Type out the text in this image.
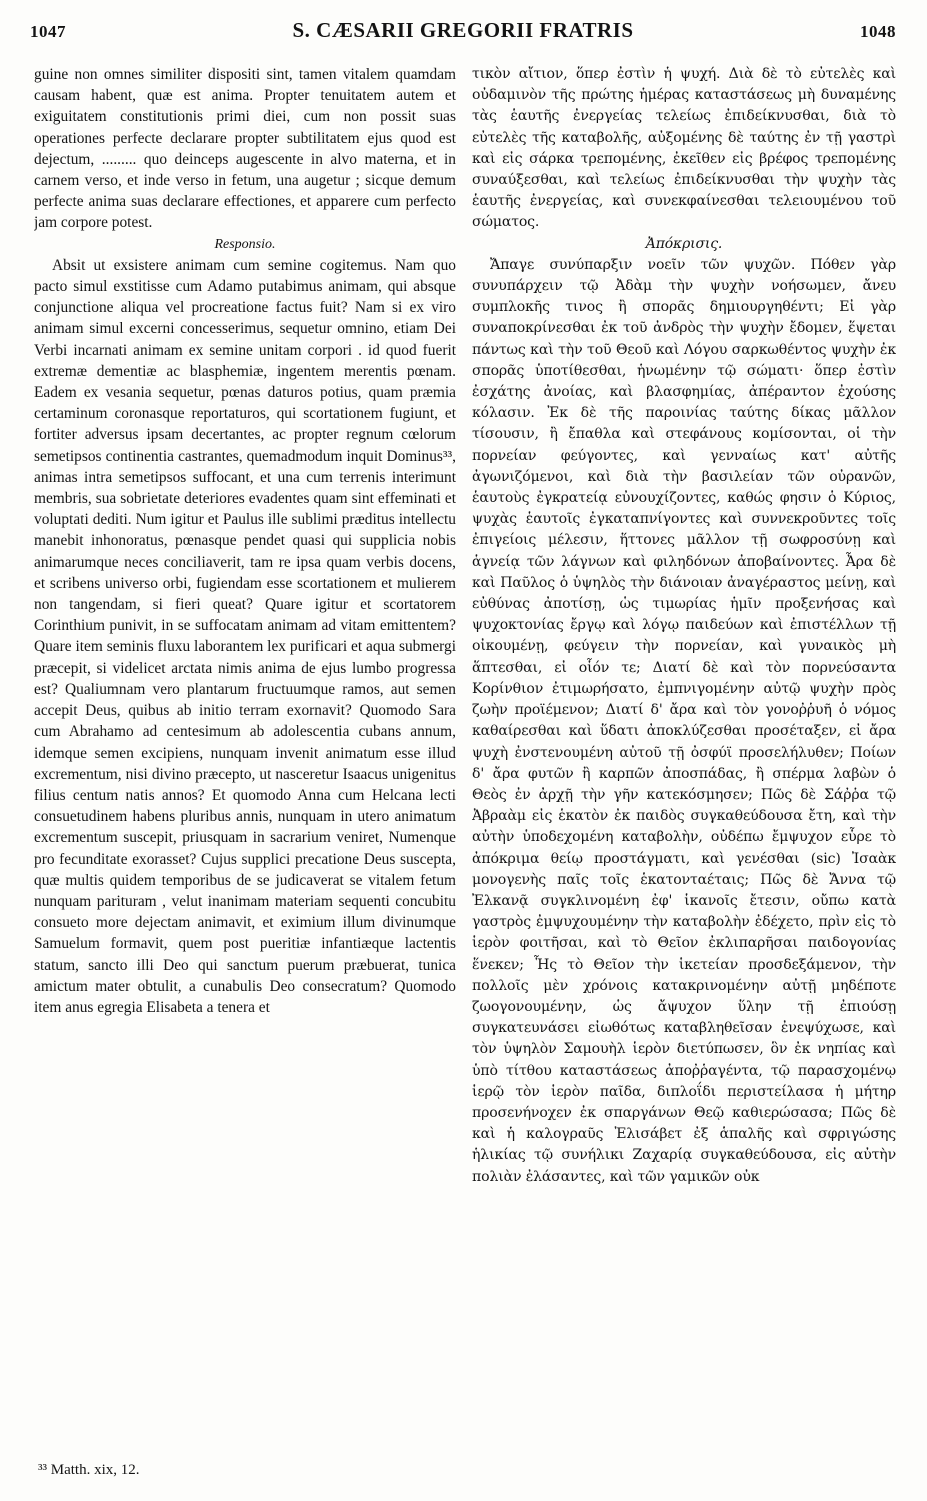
1047	S. CÆSARII GREGORII FRATRIS	1048

guine non omnes similiter dispositi sint, tamen vitalem quamdam causam habent, quæ est anima. Propter tenuitatem autem et exiguitatem constitutionis primi diei, cum non possit suas operationes perfecte declarare propter subtilitatem ejus quod est dejectum, ......... quo deinceps augescente in alvo materna, et in carnem verso, et inde verso in fetum, una augetur ; sicque demum perfecte anima suas declarare effectiones, et apparere cum perfecto jam corpore potest.

Responsio.

Absit ut exsistere animam cum semine cogitemus. Nam quo pacto simul exstitisse cum Adamo putabimus animam, qui absque conjunctione aliqua vel procreatione factus fuit? Nam si ex viro animam simul excerni concesserimus, sequetur omnino, etiam Dei Verbi incarnati animam ex semine unitam corpori . id quod fuerit extremæ dementiæ ac blasphemiæ, ingentem merentis pœnam. Eadem ex vesania sequetur, pœnas daturos potius, quam præmia certaminum coronasque reportaturos, qui scortationem fugiunt, et fortiter adversus ipsam decertantes, ac propter regnum cœlorum semetipsos continentia castrantes, quemadmodum inquit Dominus³³, animas intra semetipsos suffocant, et una cum terrenis interimunt membris, sua sobrietate deteriores evadentes quam sint effeminati et voluptati dediti. Num igitur et Paulus ille sublimi præditus intellectu manebit inhonoratus, pœnasque pendet quasi qui supplicia nobis animarumque neces conciliaverit, tam re ipsa quam verbis docens, et scribens universo orbi, fugiendam esse scortationem et mulierem non tangendam, si fieri queat? Quare igitur et scortatorem Corinthium punivit, in se suffocatam animam ad vitam emittentem? Quare item seminis fluxu laborantem lex purificari et aqua submergi præcepit, si videlicet arctata nimis anima de ejus lumbo progressa est? Qualiumnam vero plantarum fructuumque ramos, aut semen accepit Deus, quibus ab initio terram exornavit? Quomodo Sara cum Abrahamo ad centesimum ab adolescentia cubans annum, idemque semen excipiens, nunquam invenit animatum esse illud excrementum, nisi divino præcepto, ut nasceretur Isaacus unigenitus filius centum natis annos? Et quomodo Anna cum Helcana lecti consuetudinem habens pluribus annis, nunquam in utero animatum excrementum suscepit, priusquam in sacrarium veniret, Numenque pro fecunditate exorasset? Cujus supplici precatione Deus suscepta, quæ multis quidem temporibus de se judicaverat se vitalem fetum nunquam parituram , velut inanimam materiam sequenti concubitu consueto more dejectam animavit, et eximium illum divinumque Samuelum formavit, quem post pueritiæ infantiæque lactentis statum, sancto illi Deo qui sanctum puerum præbuerat, tunica amictum mater obtulit, a cunabulis Deo consecratum? Quomodo item anus egregia Elisabeta a tenera et

τικὸν αἴτιον, ὅπερ ἐστὶν ἡ ψυχή. Διὰ δὲ τὸ εὐτελὲς καὶ οὐδαμινὸν τῆς πρώτης ἡμέρας καταστάσεως μὴ δυναμένης τὰς ἑαυτῆς ἐνεργείας τελείως ἐπιδείκνυσθαι, διὰ τὸ εὐτελὲς τῆς καταβολῆς, αὐξομένης δὲ ταύτης ἐν τῇ γαστρὶ καὶ εἰς σάρκα τρεπομένης, ἐκεῖθεν εἰς βρέφος τρεπομένης συναύξεσθαι, καὶ τελείως ἐπιδείκνυσθαι τὴν ψυχὴν τὰς ἑαυτῆς ἐνεργείας, καὶ συνεκφαίνεσθαι τελειουμένου τοῦ σώματος.

Ἀπόκρισις.

Ἄπαγε συνύπαρξιν νοεῖν τῶν ψυχῶν. Πόθεν γὰρ συνυπάρχειν τῷ Ἀδὰμ τὴν ψυχὴν νοήσωμεν, ἄνευ συμπλοκῆς τινος ἢ σπορᾶς δημιουργηθέντι; Εἰ γὰρ συναποκρίνεσθαι ἐκ τοῦ ἀνδρὸς τὴν ψυχὴν ἔδομεν, ἕψεται πάντως καὶ τὴν τοῦ Θεοῦ καὶ Λόγου σαρκωθέντος ψυχὴν ἐκ σπορᾶς ὑποτίθεσθαι, ἡνωμένην τῷ σώματι· ὅπερ ἐστὶν ἐσχάτης ἀνοίας, καὶ βλασφημίας, ἀπέραντον ἐχούσης κόλασιν. Ἐκ δὲ τῆς παροινίας ταύτης δίκας μᾶλλον τίσουσιν, ἢ ἔπαθλα καὶ στεφάνους κομίσονται, οἱ τὴν πορνείαν φεύγοντες, καὶ γενναίως κατ' αὐτῆς ἀγωνιζόμενοι, καὶ διὰ τὴν βασιλείαν τῶν οὐρανῶν, ἑαυτοὺς ἐγκρατείᾳ εὐνουχίζοντες, καθώς φησιν ὁ Κύριος, ψυχὰς ἑαυτοῖς ἐγκαταπνίγοντες καὶ συννεκροῦντες τοῖς ἐπιγείοις μέλεσιν, ἥττονες μᾶλλον τῇ σωφροσύνῃ καὶ ἁγνείᾳ τῶν λάγνων καὶ φιληδόνων ἀποβαίνοντες. Ἆρα δὲ καὶ Παῦλος ὁ ὑψηλὸς τὴν διάνοιαν ἀναγέραστος μείνῃ, καὶ εὐθύνας ἀποτίσῃ, ὡς τιμωρίας ἡμῖν προξενήσας καὶ ψυχοκτονίας ἔργῳ καὶ λόγῳ παιδεύων καὶ ἐπιστέλλων τῇ οἰκουμένῃ, φεύγειν τὴν πορνείαν, καὶ γυναικὸς μὴ ἅπτεσθαι, εἰ οἷόν τε; Διατί δὲ καὶ τὸν πορνεύσαντα Κορίνθιον ἐτιμωρήσατο, ἐμπνιγομένην αὐτῷ ψυχὴν πρὸς ζωὴν προϊέμενον; Διατί δ' ἄρα καὶ τὸν γονοῤῥυῆ ὁ νόμος καθαίρεσθαι καὶ ὕδατι ἀποκλύζεσθαι προσέταξεν, εἰ ἄρα ψυχὴ ἐνστενουμένη αὐτοῦ τῇ ὀσφύϊ προσελήλυθεν; Ποίων δ' ἄρα φυτῶν ἢ καρπῶν ἀποσπάδας, ἢ σπέρμα λαβὼν ὁ Θεὸς ἐν ἀρχῇ τὴν γῆν κατεκόσμησεν; Πῶς δὲ Σάῤῥα τῷ Ἀβραὰμ εἰς ἑκατὸν ἐκ παιδὸς συγκαθεύδουσα ἔτη, καὶ τὴν αὐτὴν ὑποδεχομένη καταβολὴν, οὐδέπω ἔμψυχον εὗρε τὸ ἀπόκριμα θείῳ προστάγματι, καὶ γενέσθαι (sic) Ἰσαὰκ μονογενὴς παῖς τοῖς ἑκατονταέταις; Πῶς δὲ Ἄννα τῷ Ἐλκανᾷ συγκλινομένη ἐφ' ἱκανοῖς ἔτεσιν, οὔπω κατὰ γαστρὸς ἐμψυχουμένην τὴν καταβολὴν ἐδέχετο, πρὶν εἰς τὸ ἱερὸν φοιτῆσαι, καὶ τὸ Θεῖον ἐκλιπαρῆσαι παιδογονίας ἕνεκεν; Ἧς τὸ Θεῖον τὴν ἱκετείαν προσδεξάμενον, τὴν πολλοῖς μὲν χρόνοις κατακρινομένην αὐτῇ μηδέποτε ζωογονουμένην, ὡς ἄψυχον ὕλην τῇ ἐπιούσῃ συγκατευνάσει εἰωθότως καταβληθεῖσαν ἐνεψύχωσε, καὶ τὸν ὑψηλὸν Σαμουὴλ ἱερὸν διετύπωσεν, ὃν ἐκ νηπίας καὶ ὑπὸ τίτθου καταστάσεως ἀποῤῥαγέντα, τῷ παρασχομένῳ ἱερῷ τὸν ἱερὸν παῖδα, διπλοΐδι περιστείλασα ἡ μήτηρ προσενήνοχεν ἐκ σπαργάνων Θεῷ καθιερώσασα; Πῶς δὲ καὶ ἡ καλογραῦς Ἐλισάβετ ἐξ ἁπαλῆς καὶ σφριγώσης ἡλικίας τῷ συνήλικι Ζαχαρίᾳ συγκαθεύδουσα, εἰς αὐτὴν πολιὰν ἐλάσαντες, καὶ τῶν γαμικῶν οὐκ

³³ Matth. xix, 12.
